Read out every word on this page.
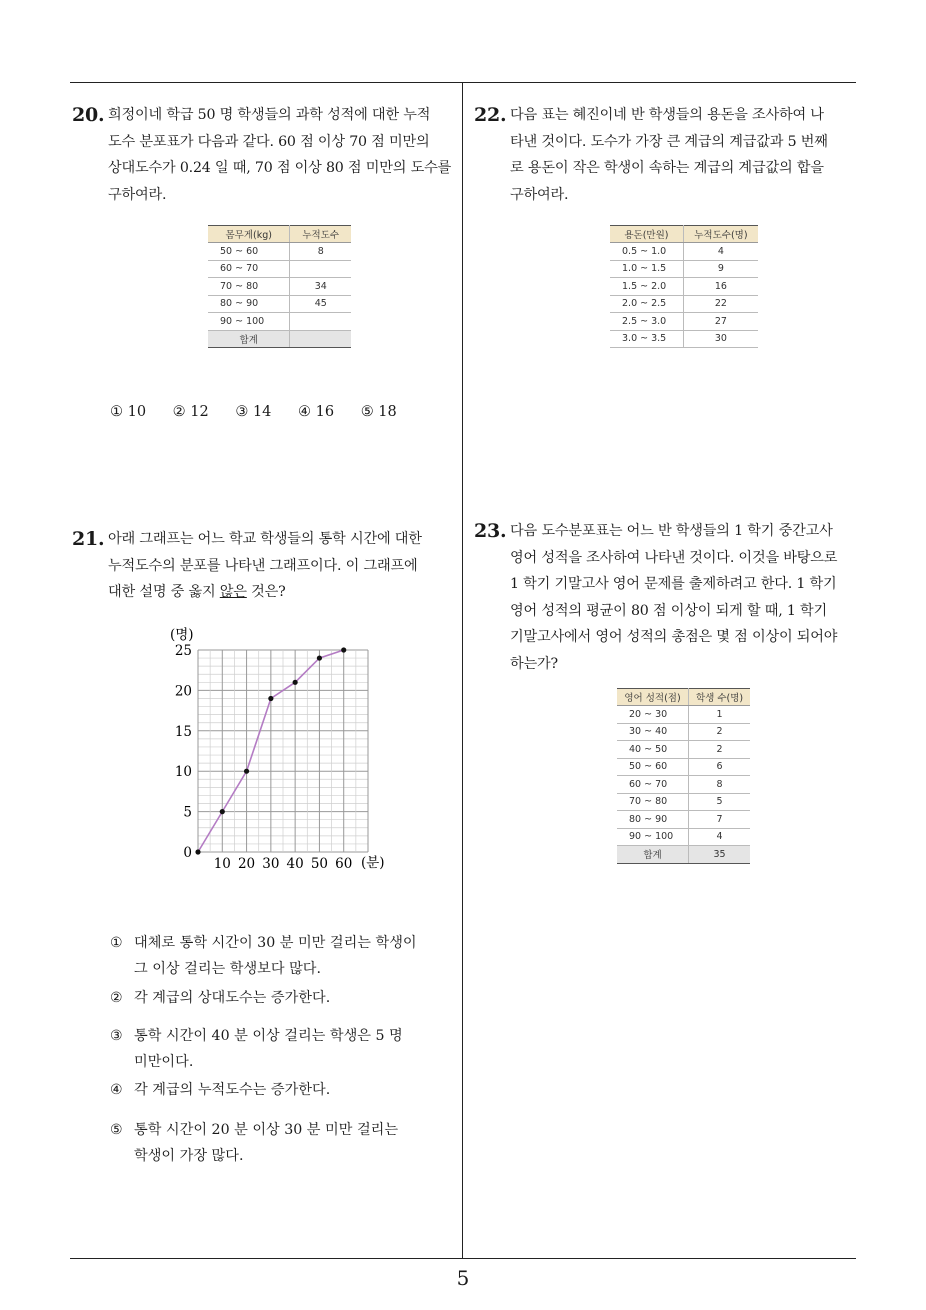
20. 희정이네 학급 50 명 학생들의 과학 성적에 대한 누적
도수 분포표가 다음과 같다. 60 점 이상 70 점 미만의
상대도수가 0.24 일 때, 70 점 이상 80 점 미만의 도수를
구하여라.
몸무게(kg)	누적도수
50 ~ 60	8
60 ~ 70	
70 ~ 80	34
80 ~ 90	45
90 ~ 100	
합계	
① 10 ② 12 ③ 14 ④ 16 ⑤ 18
21. 아래 그래프는 어느 학교 학생들의 통학 시간에 대한
누적도수의 분포를 나타낸 그래프이다. 이 그래프에
대한 설명 중 옳지 않은 것은?
10 20 30 40 50 60
0
5
10
15
20
25
(명)
(분)
① 대체로 통학 시간이 30 분 미만 걸리는 학생이
그 이상 걸리는 학생보다 많다.
② 각 계급의 상대도수는 증가한다.
③ 통학 시간이 40 분 이상 걸리는 학생은 5 명
미만이다.
④ 각 계급의 누적도수는 증가한다.
⑤ 통학 시간이 20 분 이상 30 분 미만 걸리는
학생이 가장 많다.
22. 다음 표는 혜진이네 반 학생들의 용돈을 조사하여 나
타낸 것이다. 도수가 가장 큰 계급의 계급값과 5 번째
로 용돈이 작은 학생이 속하는 계급의 계급값의 합을
구하여라.
용돈(만원)	누적도수(명)
0.5 ~ 1.0	4
1.0 ~ 1.5	9
1.5 ~ 2.0	16
2.0 ~ 2.5	22
2.5 ~ 3.0	27
3.0 ~ 3.5	30
23. 다음 도수분포표는 어느 반 학생들의 1 학기 중간고사
영어 성적을 조사하여 나타낸 것이다. 이것을 바탕으로
1 학기 기말고사 영어 문제를 출제하려고 한다. 1 학기
영어 성적의 평균이 80 점 이상이 되게 할 때, 1 학기
기말고사에서 영어 성적의 총점은 몇 점 이상이 되어야
하는가?
영어 성적(점)	학생 수(명)
20 ~ 30	1
30 ~ 40	2
40 ~ 50	2
50 ~ 60	6
60 ~ 70	8
70 ~ 80	5
80 ~ 90	7
90 ~ 100	4
합계	35
5
